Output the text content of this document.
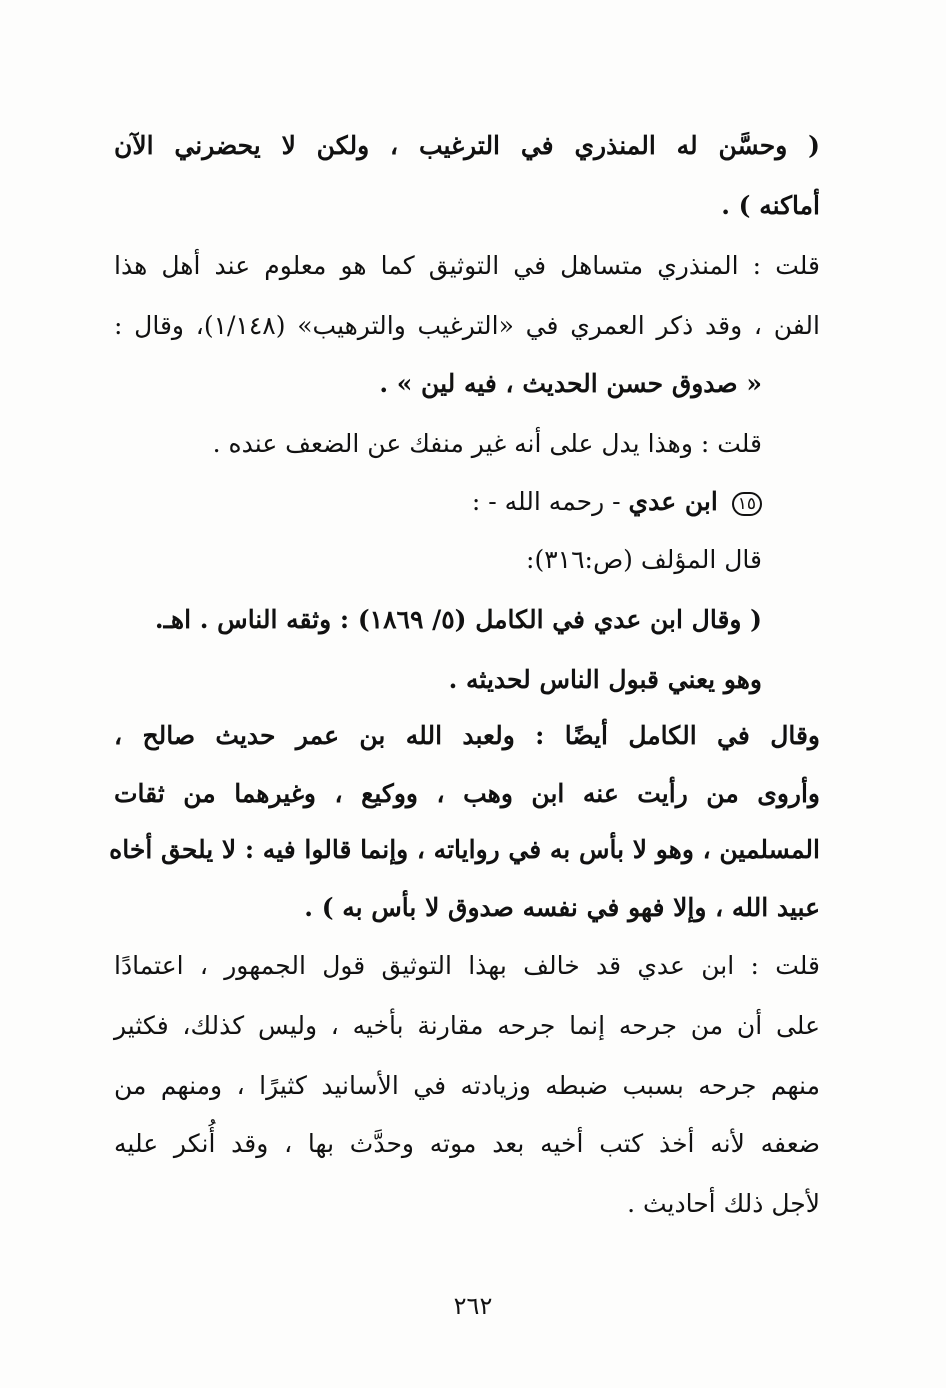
( وحسَّن له المنذري في الترغيب ، ولكن لا يحضرني الآن
أماكنه ) .
قلت : المنذري متساهل في التوثيق كما هو معلوم عند أهل هذا
الفن ، وقد ذكر العمري في «الترغيب والترهيب» (١/١٤٨)، وقال :
« صدوق حسن الحديث ، فيه لين » .
قلت : وهذا يدل على أنه غير منفك عن الضعف عنده .
١٥ ابن عدي - رحمه الله - :
قال المؤلف (ص:٣١٦):
( وقال ابن عدي في الكامل (٥/ ١٨٦٩) : وثقه الناس . اهـ.
وهو يعني قبول الناس لحديثه .
وقال في الكامل أيضًا : ولعبد الله بن عمر حديث صالح ،
وأروى من رأيت عنه ابن وهب ، ووكيع ، وغيرهما من ثقات
المسلمين ، وهو لا بأس به في رواياته ، وإنما قالوا فيه : لا يلحق أخاه
عبيد الله ، وإلا فهو في نفسه صدوق لا بأس به ) .
قلت : ابن عدي قد خالف بهذا التوثيق قول الجمهور ، اعتمادًا
على أن من جرحه إنما جرحه مقارنة بأخيه ، وليس كذلك، فكثير
منهم جرحه بسبب ضبطه وزيادته في الأسانيد كثيرًا ، ومنهم من
ضعفه لأنه أخذ كتب أخيه بعد موته وحدَّث بها ، وقد أُنكر عليه
لأجل ذلك أحاديث .
٢٦٢
